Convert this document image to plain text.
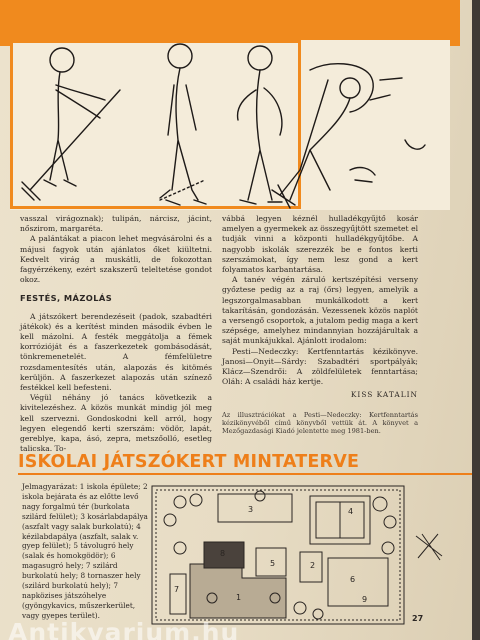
vasszal virágoznak); tulipán, nárcisz, jácint, nőszirom, margaréta.

A palántákat a piacon lehet megvásárolni és a májusi fagyok után ajánlatos őket kiültetni. Kedvelt virág a muskátli, de fokozottan fagyérzékeny, ezért szakszerű teleltetése gondot okoz.

FESTÉS, MÁZOLÁS

A játszókert berendezéseit (padok, szabadtéri játékok) és a kerítést minden második évben le kell mázolni. A festék meggátolja a fémek korrózióját és a faszerkezetek gombásodását, tönkremenetelét. A fémfelületre rozsdamentesítés után, alapozás és kitömés kerüljön. A faszerkezet alapozás után színező festékkel kell befesteni.

Végül néhány jó tanács következik a kivitelezéshez. A közös munkát mindig jól meg kell szervezni. Gondoskodni kell arról, hogy legyen elegendő kerti szerszám: vödör, lapát, gereblye, kapa, ásó, zepra, metszőolló, esetleg talicska. To-

vábbá legyen kéznél hulladékgyűjtő kosár amelyen a gyermekek az összegyűjtött szemetet el tudják vinni a központi hulladékgyűjtőbe. A nagyobb iskolák szerezzék be e fontos kerti szerszámokat, így nem lesz gond a kert folyamatos karbantartása.

A tanév végén záruló kertszépítési verseny győztese pedig az a raj (őrs) legyen, amelyik a legszorgalmasabban munkálkodott a kert takarításán, gondozásán. Vezessenek közös naplót a versengő csoportok, a jutalom pedig maga a kert szépsége, amelyhez mindannyian hozzájárultak a saját munkájukkal. Ajánlott irodalom:

Pesti—Nedeczky: Kertfenntartás kézikönyve. Janosi—Onyit—Sárdy: Szabadtéri sportpályák; Klácz—Szendrői: A zöldfelületek fenntartása; Oláh: A családi ház kertje.

KISS KATALIN
Az illusztrációkat a Pesti—Nedeczky: Kertfenntartás kézikönyvéből című könyvből vettük át. A könyvet a Mezőgazdasági Kiadó jelentette meg 1981-ben.
ISKOLAI JÁTSZÓKERT MINTATERVE
Jelmagyarázat: 1 iskola épülete; 2 iskola bejárata és az előtte levő nagy forgalmú tér (burkolata szilárd felület); 3 kosárlabdapálya (aszfalt vagy salak burkolatú); 4 kézilabdapálya (aszfalt, salak v. gyep felület); 5 távolugró hely (salak és homokgödör); 6 magasugró hely; 7 szilárd burkolatú hely; 8 tornaszer hely (szilárd burkolatú hely); 7 napközises játszóhelye (gyöngykavics, műszerkerület, vagy gyepes terület).
3	4
1
2
5
6
7
8
9
27
Antikvarium.hu
